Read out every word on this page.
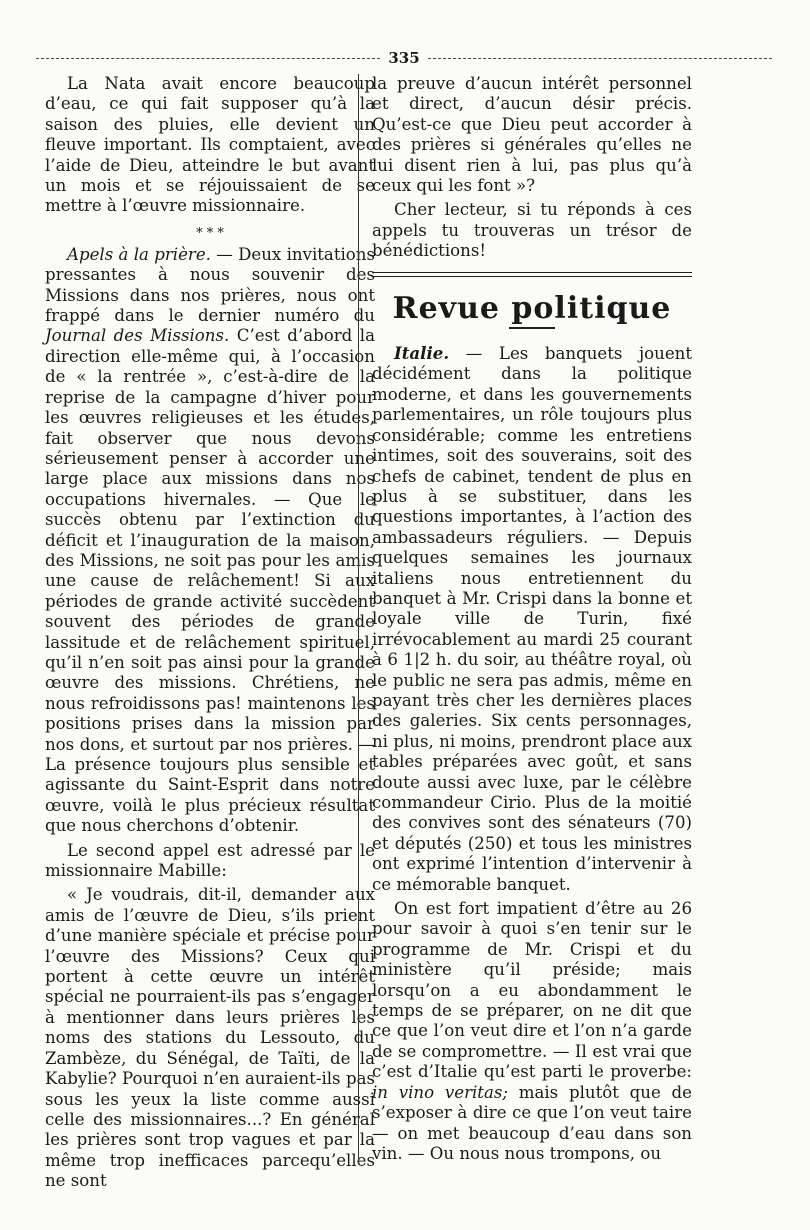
335

La Nata avait encore beaucoup d’eau, ce qui fait supposer qu’à la saison des pluies, elle devient un fleuve important. Ils comptaient, avec l’aide de Dieu, atteindre le but avant un mois et se réjouissaient de se mettre à l’œuvre missionnaire.

* * *

Apels à la prière. — Deux invitations pressantes à nous souvenir des Missions dans nos prières, nous ont frappé dans le dernier numéro du Journal des Missions. C’est d’abord la direction elle-même qui, à l’occasion de « la rentrée », c’est-à-dire de la reprise de la campagne d’hiver pour les œuvres religieuses et les études, fait observer que nous devons sérieusement penser à accorder une large place aux missions dans nos occupations hivernales. — Que le succès obtenu par l’extinction du déficit et l’inauguration de la maison, des Missions, ne soit pas pour les amis une cause de relâchement! Si aux périodes de grande activité succèdent souvent des périodes de grande lassitude et de relâchement spirituel, qu’il n’en soit pas ainsi pour la grande œuvre des missions. Chrétiens, ne nous refroidissons pas! maintenons les positions prises dans la mission par nos dons, et surtout par nos prières. — La présence toujours plus sensible et agissante du Saint-Esprit dans notre œuvre, voilà le plus précieux résultat que nous cherchons d’obtenir.

Le second appel est adressé par le missionnaire Mabille:

« Je voudrais, dit-il, demander aux amis de l’œuvre de Dieu, s’ils prient d’une manière spéciale et précise pour l’œuvre des Missions? Ceux qui portent à cette œuvre un intérêt spécial ne pourraient-ils pas s’engager à mentionner dans leurs prières les noms des stations du Lessouto, du Zambèze, du Sénégal, de Taïti, de la Kabylie? Pourquoi n’en auraient-ils pas sous les yeux la liste comme aussi celle des missionnaires...? En général les prières sont trop vagues et par la même trop inefficaces parcequ’elles ne sont

la preuve d’aucun intérêt personnel et direct, d’aucun désir précis. Qu’est-ce que Dieu peut accorder à des prières si générales qu’elles ne lui disent rien à lui, pas plus qu’à ceux qui les font »?

Cher lecteur, si tu réponds à ces appels tu trouveras un trésor de bénédictions!

Revue politique

Italie. — Les banquets jouent décidément dans la politique moderne, et dans les gouvernements parlementaires, un rôle toujours plus considérable; comme les entretiens intimes, soit des souverains, soit des chefs de cabinet, tendent de plus en plus à se substituer, dans les questions importantes, à l’action des ambassadeurs réguliers. — Depuis quelques semaines les journaux italiens nous entretiennent du banquet à Mr. Crispi dans la bonne et loyale ville de Turin, fixé irrévocablement au mardi 25 courant à 6 1|2 h. du soir, au théâtre royal, où le public ne sera pas admis, même en payant très cher les dernières places des galeries. Six cents personnages, ni plus, ni moins, prendront place aux tables préparées avec goût, et sans doute aussi avec luxe, par le célèbre commandeur Cirio. Plus de la moitié des convives sont des sénateurs (70) et députés (250) et tous les ministres ont exprimé l’intention d’intervenir à ce mémorable banquet.

On est fort impatient d’être au 26 pour savoir à quoi s’en tenir sur le programme de Mr. Crispi et du ministère qu’il préside; mais lorsqu’on a eu abondamment le temps de se préparer, on ne dit que ce que l’on veut dire et l’on n’a garde de se compromettre. — Il est vrai que c’est d’Italie qu’est parti le proverbe: in vino veritas; mais plutôt que de s’exposer à dire ce que l’on veut taire — on met beaucoup d’eau dans son vin. — Ou nous nous trompons, ou
